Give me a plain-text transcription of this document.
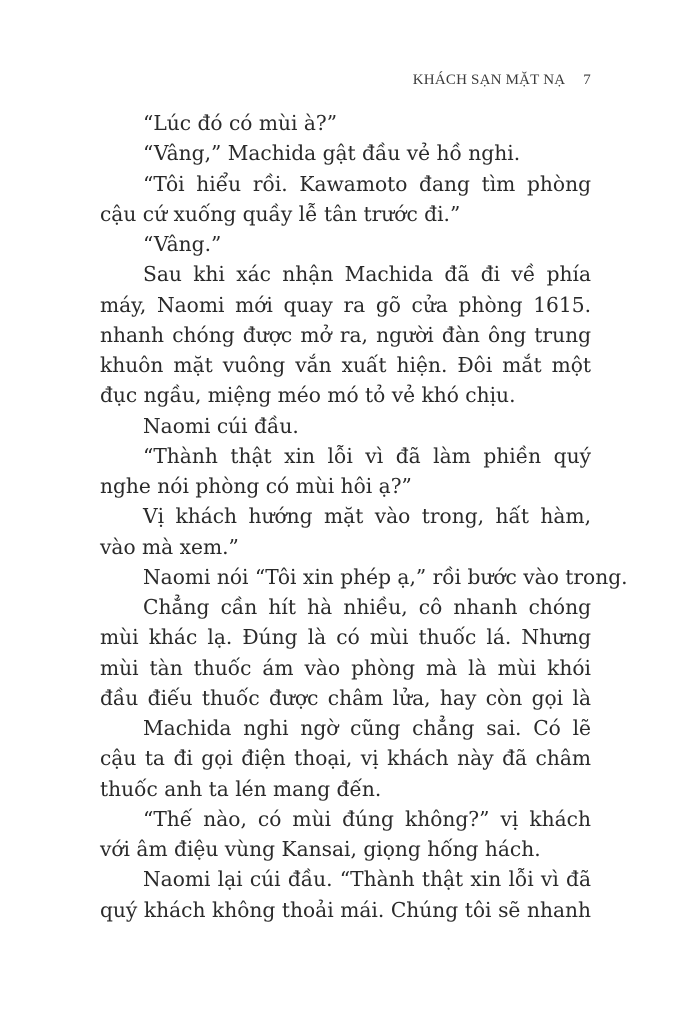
KHÁCH SẠN MẶT NẠ 7
“Lúc đó có mùi à?”
“Vâng,” Machida gật đầu vẻ hồ nghi.
“Tôi hiểu rồi. Kawamoto đang tìm phòng
cậu cứ xuống quầy lễ tân trước đi.”
“Vâng.”
Sau khi xác nhận Machida đã đi về phía
máy, Naomi mới quay ra gõ cửa phòng 1615.
nhanh chóng được mở ra, người đàn ông trung
khuôn mặt vuông vắn xuất hiện. Đôi mắt một
đục ngầu, miệng méo mó tỏ vẻ khó chịu.
Naomi cúi đầu.
“Thành thật xin lỗi vì đã làm phiền quý
nghe nói phòng có mùi hôi ạ?”
Vị khách hướng mặt vào trong, hất hàm,
vào mà xem.”
Naomi nói “Tôi xin phép ạ,” rồi bước vào trong.
Chẳng cần hít hà nhiều, cô nhanh chóng
mùi khác lạ. Đúng là có mùi thuốc lá. Nhưng
mùi tàn thuốc ám vào phòng mà là mùi khói
đầu điếu thuốc được châm lửa, hay còn gọi là
Machida nghi ngờ cũng chẳng sai. Có lẽ
cậu ta đi gọi điện thoại, vị khách này đã châm
thuốc anh ta lén mang đến.
“Thế nào, có mùi đúng không?” vị khách
với âm điệu vùng Kansai, giọng hống hách.
Naomi lại cúi đầu. “Thành thật xin lỗi vì đã
quý khách không thoải mái. Chúng tôi sẽ nhanh
